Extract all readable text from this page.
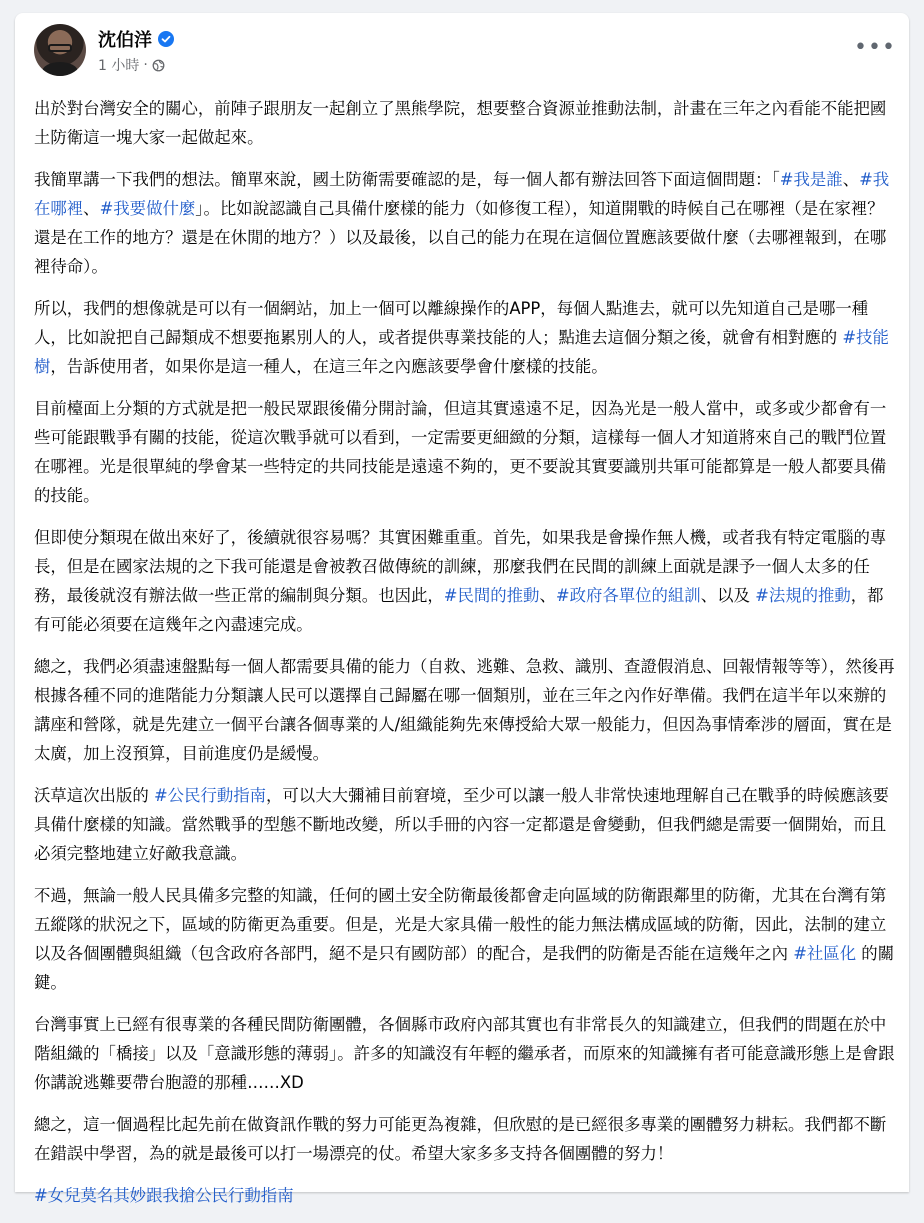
沈伯洋
1 小時 ·
•••

出於對台灣安全的關心，前陣子跟朋友一起創立了黑熊學院，想要整合資源並推動法制，計畫在三年之內看能不能把國土防衛這一塊大家一起做起來。

我簡單講一下我們的想法。簡單來說，國土防衛需要確認的是，每一個人都有辦法回答下面這個問題：「#我是誰、#我在哪裡、#我要做什麼」。比如說認識自己具備什麼樣的能力（如修復工程），知道開戰的時候自己在哪裡（是在家裡？還是在工作的地方？還是在休閒的地方？）以及最後，以自己的能力在現在這個位置應該要做什麼（去哪裡報到，在哪裡待命）。

所以，我們的想像就是可以有一個網站，加上一個可以離線操作的APP，每個人點進去，就可以先知道自己是哪一種人，比如說把自己歸類成不想要拖累別人的人，或者提供專業技能的人；點進去這個分類之後，就會有相對應的 #技能樹，告訴使用者，如果你是這一種人，在這三年之內應該要學會什麼樣的技能。

目前檯面上分類的方式就是把一般民眾跟後備分開討論，但這其實遠遠不足，因為光是一般人當中，或多或少都會有一些可能跟戰爭有關的技能，從這次戰爭就可以看到，一定需要更細緻的分類，這樣每一個人才知道將來自己的戰鬥位置在哪裡。光是很單純的學會某一些特定的共同技能是遠遠不夠的，更不要說其實要識別共軍可能都算是一般人都要具備的技能。

但即使分類現在做出來好了，後續就很容易嗎？其實困難重重。首先，如果我是會操作無人機，或者我有特定電腦的專長，但是在國家法規的之下我可能還是會被教召做傳統的訓練，那麼我們在民間的訓練上面就是課予一個人太多的任務，最後就沒有辦法做一些正常的編制與分類。也因此，#民間的推動、#政府各單位的組訓、以及 #法規的推動，都有可能必須要在這幾年之內盡速完成。

總之，我們必須盡速盤點每一個人都需要具備的能力（自救、逃難、急救、識別、查證假消息、回報情報等等），然後再根據各種不同的進階能力分類讓人民可以選擇自己歸屬在哪一個類別，並在三年之內作好準備。我們在這半年以來辦的講座和營隊，就是先建立一個平台讓各個專業的人/組織能夠先來傳授給大眾一般能力，但因為事情牽涉的層面，實在是太廣，加上沒預算，目前進度仍是緩慢。

沃草這次出版的 #公民行動指南，可以大大彌補目前窘境，至少可以讓一般人非常快速地理解自己在戰爭的時候應該要具備什麼樣的知識。當然戰爭的型態不斷地改變，所以手冊的內容一定都還是會變動，但我們總是需要一個開始，而且必須完整地建立好敵我意識。

不過，無論一般人民具備多完整的知識，任何的國土安全防衛最後都會走向區域的防衛跟鄰里的防衛，尤其在台灣有第五縱隊的狀況之下，區域的防衛更為重要。但是，光是大家具備一般性的能力無法構成區域的防衛，因此，法制的建立以及各個團體與組織（包含政府各部門，絕不是只有國防部）的配合，是我們的防衛是否能在這幾年之內 #社區化 的關鍵。

台灣事實上已經有很專業的各種民間防衛團體，各個縣市政府內部其實也有非常長久的知識建立，但我們的問題在於中階組織的「橋接」以及「意識形態的薄弱」。許多的知識沒有年輕的繼承者，而原來的知識擁有者可能意識形態上是會跟你講說逃難要帶台胞證的那種……XD

總之，這一個過程比起先前在做資訊作戰的努力可能更為複雜，但欣慰的是已經很多專業的團體努力耕耘。我們都不斷在錯誤中學習，為的就是最後可以打一場漂亮的仗。希望大家多多支持各個團體的努力！

#女兒莫名其妙跟我搶公民行動指南
